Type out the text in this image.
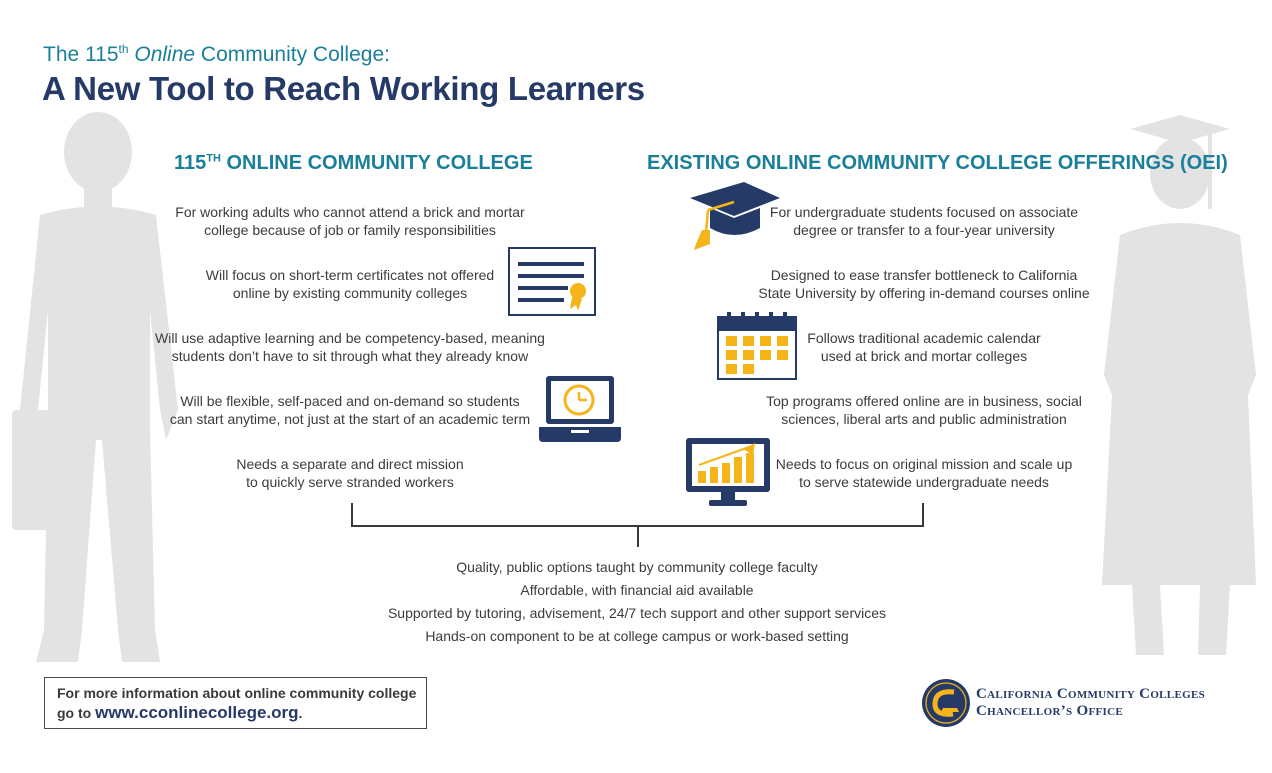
The 115th Online Community College:
A New Tool to Reach Working Learners
115TH ONLINE COMMUNITY COLLEGE	EXISTING ONLINE COMMUNITY COLLEGE OFFERINGS (OEI)
For working adults who cannot attend a brick and mortar
college because of job or family responsibilities
Will focus on short-term certificates not offered
online by existing community colleges
Will use adaptive learning and be competency-based, meaning
students don’t have to sit through what they already know
Will be flexible, self-paced and on-demand so students
can start anytime, not just at the start of an academic term
Needs a separate and direct mission
to quickly serve stranded workers
For undergraduate students focused on associate
degree or transfer to a four-year university
Designed to ease transfer bottleneck to California
State University by offering in-demand courses online
Follows traditional academic calendar
used at brick and mortar colleges
Top programs offered online are in business, social
sciences, liberal arts and public administration
Needs to focus on original mission and scale up
to serve statewide undergraduate needs
Quality, public options taught by community college faculty
Affordable, with financial aid available
Supported by tutoring, advisement, 24/7 tech support and other support services
Hands-on component to be at college campus or work-based setting
For more information about online community college
go to www.cconlinecollege.org.
California Community Colleges
Chancellor’s Office
